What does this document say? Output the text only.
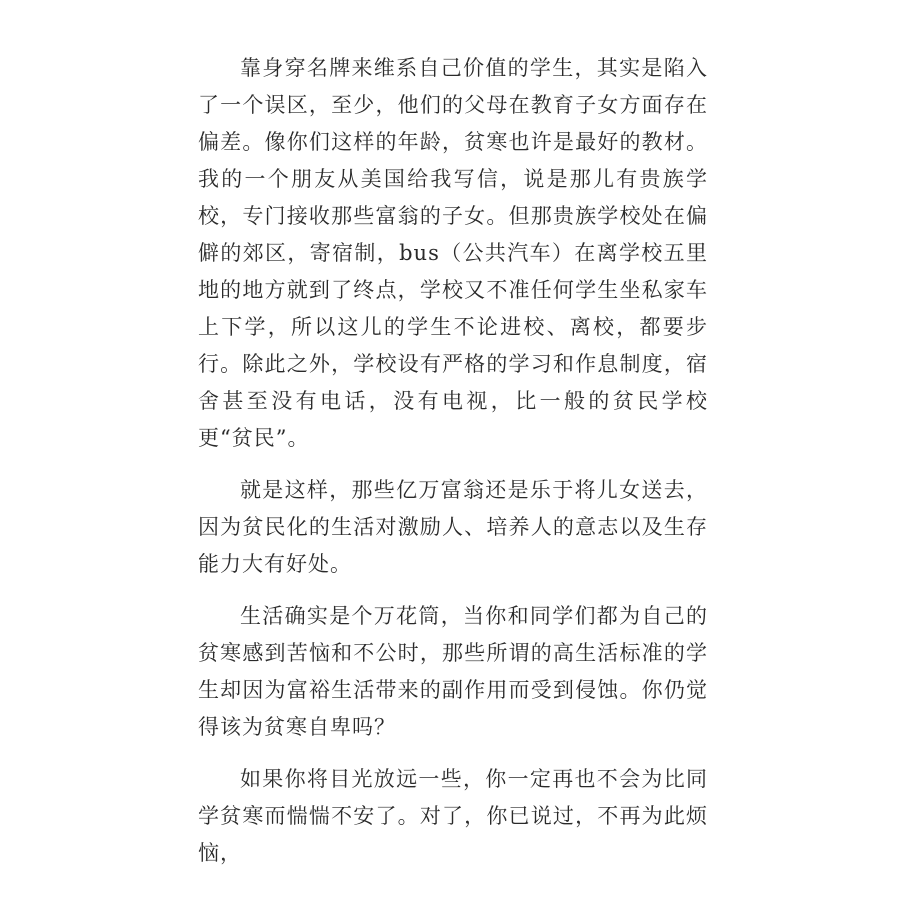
靠身穿名牌来维系自己价值的学生，其实是陷入了一个误区，至少，他们的父母在教育子女方面存在偏差。像你们这样的年龄，贫寒也许是最好的教材。我的一个朋友从美国给我写信，说是那儿有贵族学校，专门接收那些富翁的子女。但那贵族学校处在偏僻的郊区，寄宿制，bus（公共汽车）在离学校五里地的地方就到了终点，学校又不准任何学生坐私家车上下学，所以这儿的学生不论进校、离校，都要步行。除此之外，学校设有严格的学习和作息制度，宿舍甚至没有电话，没有电视，比一般的贫民学校更“贫民”。

就是这样，那些亿万富翁还是乐于将儿女送去，因为贫民化的生活对激励人、培养人的意志以及生存能力大有好处。

生活确实是个万花筒，当你和同学们都为自己的贫寒感到苦恼和不公时，那些所谓的高生活标准的学生却因为富裕生活带来的副作用而受到侵蚀。你仍觉得该为贫寒自卑吗？

如果你将目光放远一些，你一定再也不会为比同学贫寒而惴惴不安了。对了，你已说过，不再为此烦恼，
